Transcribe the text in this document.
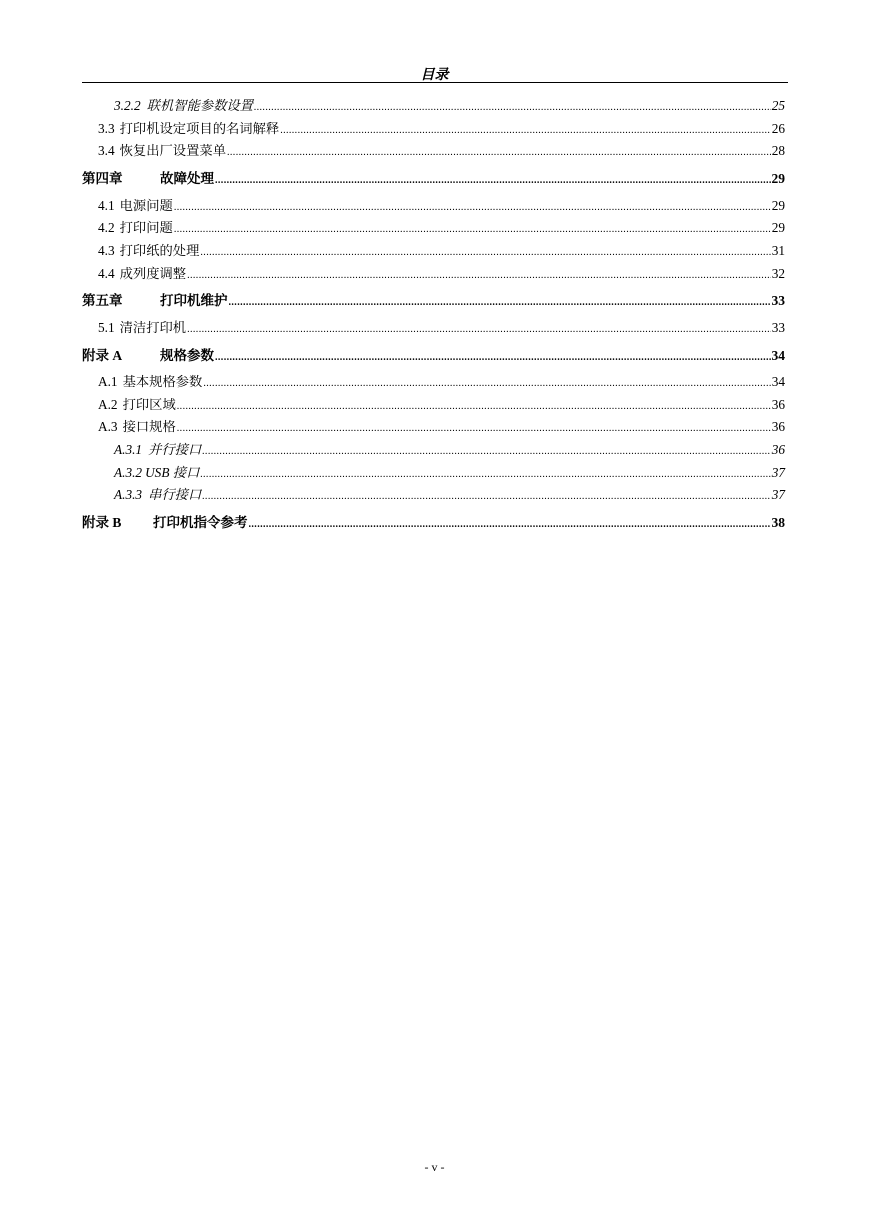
目录
3.2.2 联机智能参数设置 .....	25
3.3 打印机设定项目的名词解释 .....	26
3.4 恢复出厂设置菜单 .....	28
第四章	故障处理 .....	29
4.1 电源问题 .....	29
4.2 打印问题 .....	29
4.3 打印纸的处理 .....	31
4.4 成列度调整 .....	32
第五章	打印机维护 .....	33
5.1 清洁打印机 .....	33
附录 A	规格参数 .....	34
A.1 基本规格参数 .....	34
A.2 打印区域 .....	36
A.3 接口规格 .....	36
A.3.1 并行接口 .....	36
A.3.2 USB 接口 .....	37
A.3.3 串行接口 .....	37
附录 B 打印机指令参考 .....	38
- v -
